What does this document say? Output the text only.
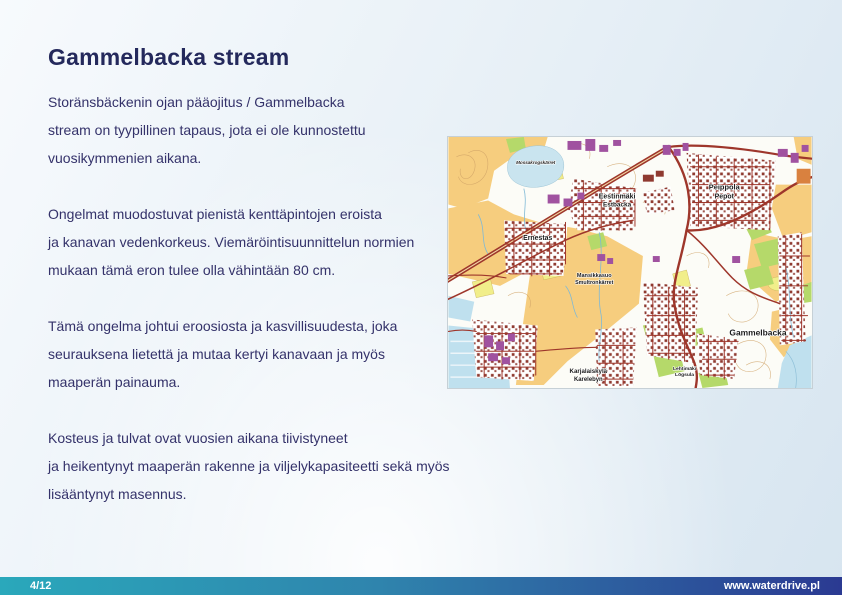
Gammelbacka stream

Storänsbäckenin ojan pääojitus / Gammelbacka
stream on tyypillinen tapaus, jota ei ole kunnostettu
vuosikymmenien aikana.

Ongelmat muodostuvat pienistä kenttäpintojen eroista
ja kanavan vedenkorkeus. Viemäröintisuunnittelun normien
mukaan tämä eron tulee olla vähintään 80 cm.

Tämä ongelma johtui eroosiosta ja kasvillisuudesta, joka
seurauksena lietettä ja mutaa kertyi kanavaan ja myös
maaperän painauma.

Kosteus ja tulvat ovat vuosien aikana tiivistyneet
ja heikentynyt maaperän rakenne ja viljelykapasiteetti sekä myös
lisääntynyt masennus.

Mossakrogskärret
Eestinmäki
Estbacka
Peippola
Pepot
Ernestas
Mansikkasuo
Smultronkärret
Gammelbacka
Karjalaiskylä
Karelebyn
Lehtimäki
Lögsula
4/12	www.waterdrive.pl
